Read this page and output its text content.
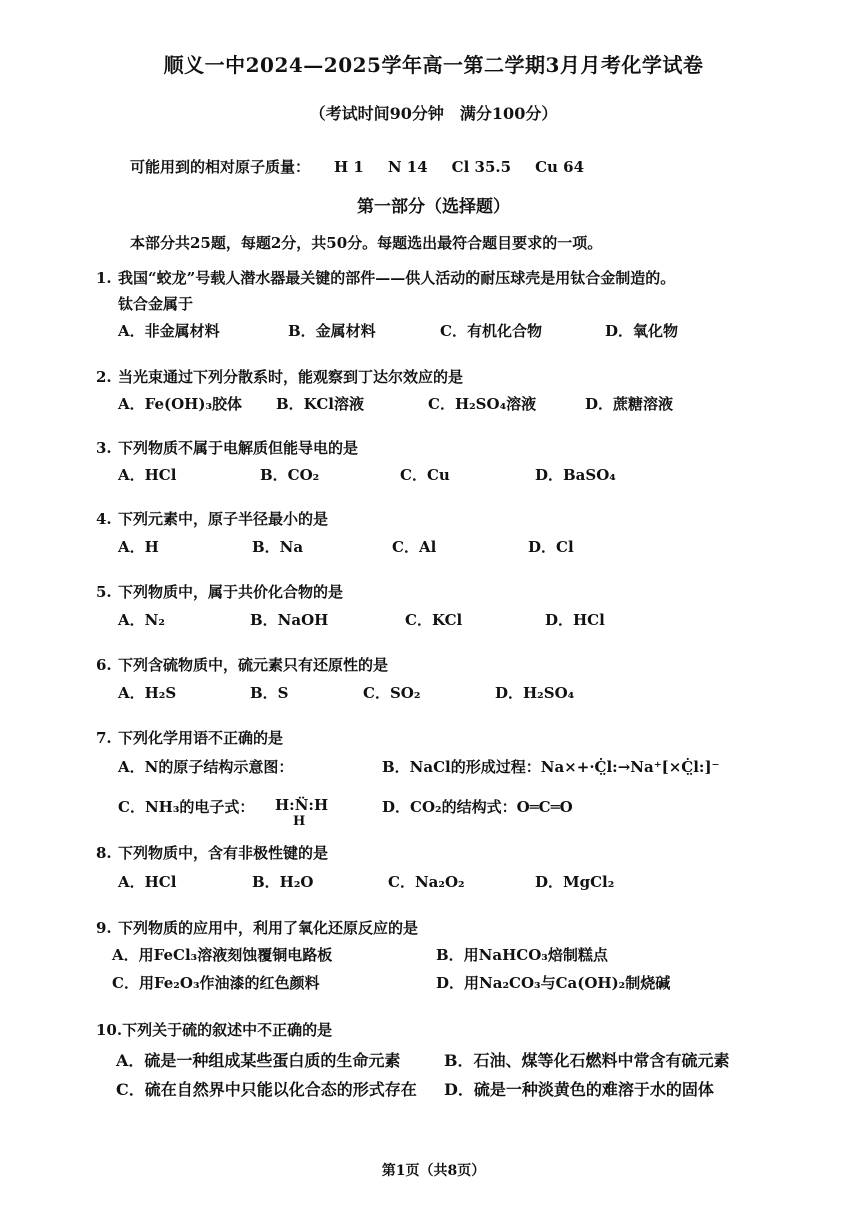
顺义一中2024—2025学年高一第二学期3月月考化学试卷
（考试时间90分钟　满分100分）
可能用到的相对原子质量： H 1 N 14 Cl 35.5 Cu 64
第一部分（选择题）
本部分共25题，每题2分，共50分。每题选出最符合题目要求的一项。
1. 我国“蛟龙”号载人潜水器最关键的部件——供人活动的耐压球壳是用钛合金制造的。
钛合金属于
A．非金属材料	B．金属材料	C．有机化合物	D．氧化物
2. 当光束通过下列分散系时，能观察到丁达尔效应的是
A．Fe(OH)₃胶体 B．KCl溶液	C．H₂SO₄溶液	D．蔗糖溶液
3. 下列物质不属于电解质但能导电的是
A．HCl	B．CO₂	C．Cu	D．BaSO₄
4. 下列元素中，原子半径最小的是
A．H	B．Na	C．Al	D．Cl
5. 下列物质中，属于共价化合物的是
A．N₂	B．NaOH	C．KCl	D．HCl
6. 下列含硫物质中，硫元素只有还原性的是
A．H₂S	B．S	C．SO₂	D．H₂SO₄
7. 下列化学用语不正确的是
A．N的原子结构示意图：	B．NaCl的形成过程：Na×+·Ċ̤l:→Na⁺[×Ċ̤l:]⁻
C．NH₃的电子式： H:N̈:H
H
D．CO₂的结构式：O═C═O
8. 下列物质中，含有非极性键的是
A．HCl	B．H₂O	C．Na₂O₂	D．MgCl₂
9. 下列物质的应用中，利用了氧化还原反应的是
A．用FeCl₃溶液刻蚀覆铜电路板	B．用NaHCO₃焙制糕点
C．用Fe₂O₃作油漆的红色颜料	D．用Na₂CO₃与Ca(OH)₂制烧碱
10.下列关于硫的叙述中不正确的是
A．硫是一种组成某些蛋白质的生命元素	B．石油、煤等化石燃料中常含有硫元素
C．硫在自然界中只能以化合态的形式存在 D．硫是一种淡黄色的难溶于水的固体
第1页（共8页）
